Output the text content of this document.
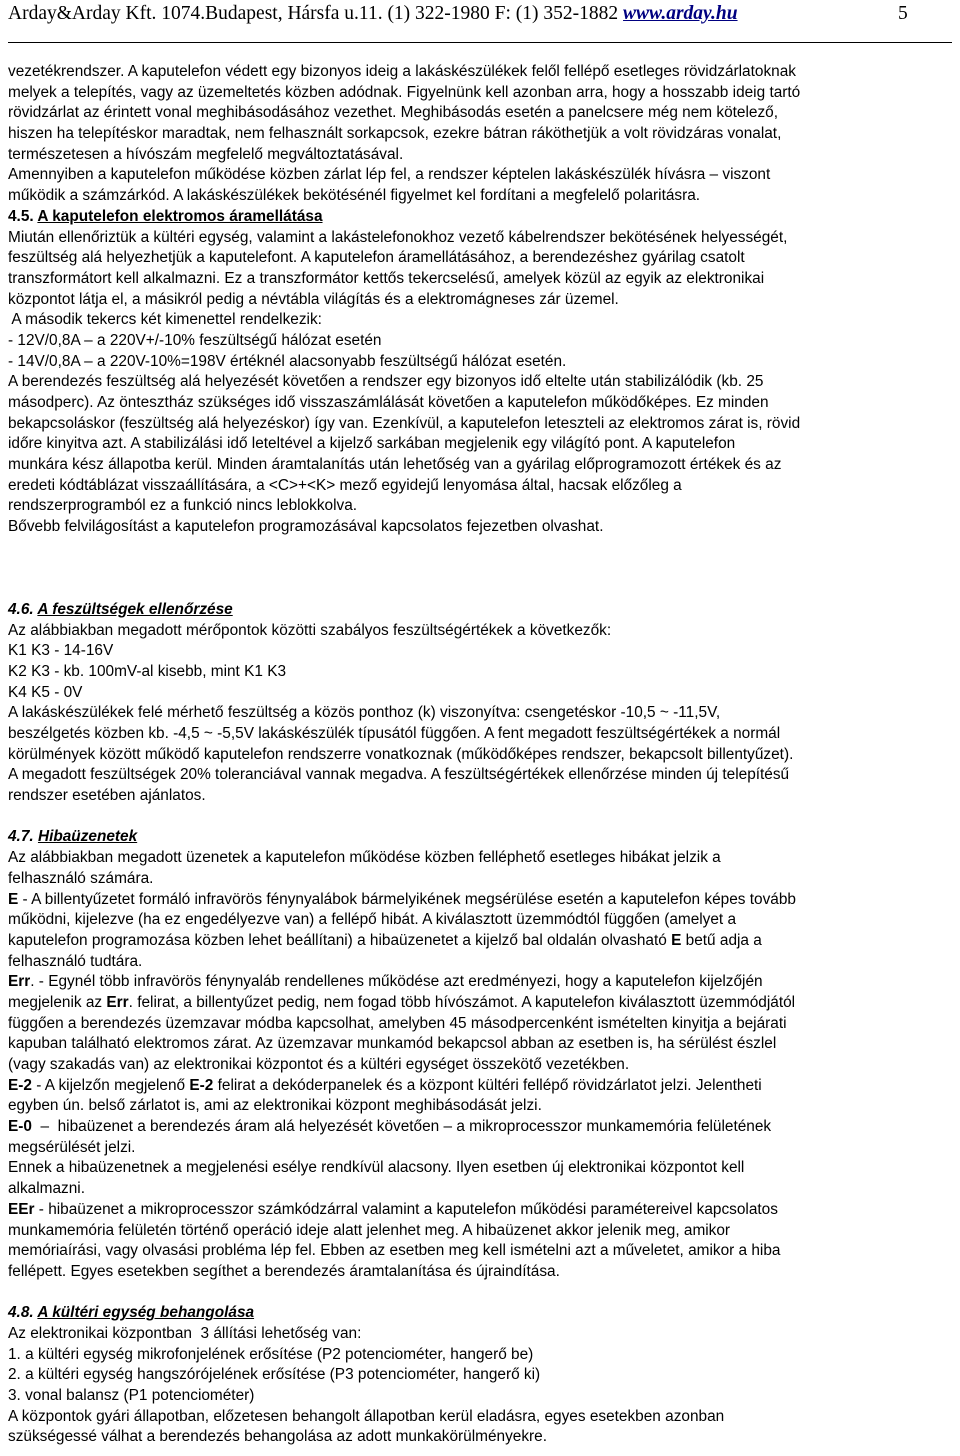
Arday&Arday Kft. 1074.Budapest, Hársfa u.11. (1) 322-1980 F: (1) 352-1882 www.arday.hu	5
vezetékrendszer. A kaputelefon védett egy bizonyos ideig a lakáskészülékek felől fellépő esetleges rövidzárlatoknak
melyek a telepítés, vagy az üzemeltetés közben adódnak. Figyelnünk kell azonban arra, hogy a hosszabb ideig tartó
rövidzárlat az érintett vonal meghibásodásához vezethet. Meghibásodás esetén a panelcsere még nem kötelező,
hiszen ha telepítéskor maradtak, nem felhasznált sorkapcsok, ezekre bátran ráköthetjük a volt rövidzáras vonalat,
természetesen a hívószám megfelelő megváltoztatásával.
Amennyiben a kaputelefon működése közben zárlat lép fel, a rendszer képtelen lakáskészülék hívásra – viszont
működik a számzárkód. A lakáskészülékek bekötésénél figyelmet kel fordítani a megfelelő polaritásra.
4.5. A kaputelefon elektromos áramellátása
Miután ellenőriztük a kültéri egység, valamint a lakástelefonokhoz vezető kábelrendszer bekötésének helyességét,
feszültség alá helyezhetjük a kaputelefont. A kaputelefon áramellátásához, a berendezéshez gyárilag csatolt
transzformátort kell alkalmazni. Ez a transzformátor kettős tekercselésű, amelyek közül az egyik az elektronikai
központot látja el, a másikról pedig a névtábla világítás és a elektromágneses zár üzemel.
A második tekercs két kimenettel rendelkezik:
- 12V/0,8A – a 220V+/-10% feszültségű hálózat esetén
- 14V/0,8A – a 220V-10%=198V értéknél alacsonyabb feszültségű hálózat esetén.
A berendezés feszültség alá helyezését követően a rendszer egy bizonyos idő eltelte után stabilizálódik (kb. 25
másodperc). Az öntesztház szükséges idő visszaszámlálását követően a kaputelefon működőképes. Ez minden
bekapcsoláskor (feszültség alá helyezéskor) így van. Ezenkívül, a kaputelefon leteszteli az elektromos zárat is, rövid
időre kinyitva azt. A stabilizálási idő leteltével a kijelző sarkában megjelenik egy világító pont. A kaputelefon
munkára kész állapotba kerül. Minden áramtalanítás után lehetőség van a gyárilag előprogramozott értékek és az
eredeti kódtáblázat visszaállítására, a <C>+<K> mező egyidejű lenyomása által, hacsak előzőleg a
rendszerprogramból ez a funkció nincs leblokkolva.
Bővebb felvilágosítást a kaputelefon programozásával kapcsolatos fejezetben olvashat.
4.6. A feszültségek ellenőrzése
Az alábbiakban megadott mérőpontok közötti szabályos feszültségértékek a következők:
K1 K3 - 14-16V
K2 K3 - kb. 100mV-al kisebb, mint K1 K3
K4 K5 - 0V
A lakáskészülékek felé mérhető feszültség a közös ponthoz (k) viszonyítva: csengetéskor -10,5 ~ -11,5V,
beszélgetés közben kb. -4,5 ~ -5,5V lakáskészülék típusától függően. A fent megadott feszültségértékek a normál
körülmények között működő kaputelefon rendszerre vonatkoznak (működőképes rendszer, bekapcsolt billentyűzet).
A megadott feszültségek 20% toleranciával vannak megadva. A feszültségértékek ellenőrzése minden új telepítésű
rendszer esetében ajánlatos.
4.7. Hibaüzenetek
Az alábbiakban megadott üzenetek a kaputelefon működése közben felléphető esetleges hibákat jelzik a
felhasználó számára.
E - A billentyűzetet formáló infravörös fénynyalábok bármelyikének megsérülése esetén a kaputelefon képes tovább
működni, kijelezve (ha ez engedélyezve van) a fellépő hibát. A kiválasztott üzemmódtól függően (amelyet a
kaputelefon programozása közben lehet beállítani) a hibaüzenetet a kijelző bal oldalán olvasható E betű adja a
felhasználó tudtára.
Err. - Egynél több infravörös fénynyaláb rendellenes működése azt eredményezi, hogy a kaputelefon kijelzőjén
megjelenik az Err. felirat, a billentyűzet pedig, nem fogad több hívószámot. A kaputelefon kiválasztott üzemmódjától
függően a berendezés üzemzavar módba kapcsolhat, amelyben 45 másodpercenként ismételten kinyitja a bejárati
kapuban található elektromos zárat. Az üzemzavar munkamód bekapcsol abban az esetben is, ha sérülést észlel
(vagy szakadás van) az elektronikai központot és a kültéri egységet összekötő vezetékben.
E-2 - A kijelzőn megjelenő E-2 felirat a dekóderpanelek és a központ kültéri fellépő rövidzárlatot jelzi. Jelentheti
egyben ún. belső zárlatot is, ami az elektronikai központ meghibásodását jelzi.
E-0  –  hibaüzenet a berendezés áram alá helyezését követően – a mikroprocesszor munkamemória felületének
megsérülését jelzi.
Ennek a hibaüzenetnek a megjelenési esélye rendkívül alacsony. Ilyen esetben új elektronikai központot kell
alkalmazni.
EEr - hibaüzenet a mikroprocesszor számkódzárral valamint a kaputelefon működési paramétereivel kapcsolatos
munkamemória felületén történő operáció ideje alatt jelenhet meg. A hibaüzenet akkor jelenik meg, amikor
memóriaírási, vagy olvasási probléma lép fel. Ebben az esetben meg kell ismételni azt a műveletet, amikor a hiba
fellépett. Egyes esetekben segíthet a berendezés áramtalanítása és újraindítása.
4.8. A kültéri egység behangolása
Az elektronikai központban  3 állítási lehetőség van:
1. a kültéri egység mikrofonjelének erősítése (P2 potenciométer, hangerő be)
2. a kültéri egység hangszórójelének erősítése (P3 potenciométer, hangerő ki)
3. vonal balansz (P1 potenciométer)
A központok gyári állapotban, előzetesen behangolt állapotban kerül eladásra, egyes esetekben azonban
szükségessé válhat a berendezés behangolása az adott munkakörülményekre.
